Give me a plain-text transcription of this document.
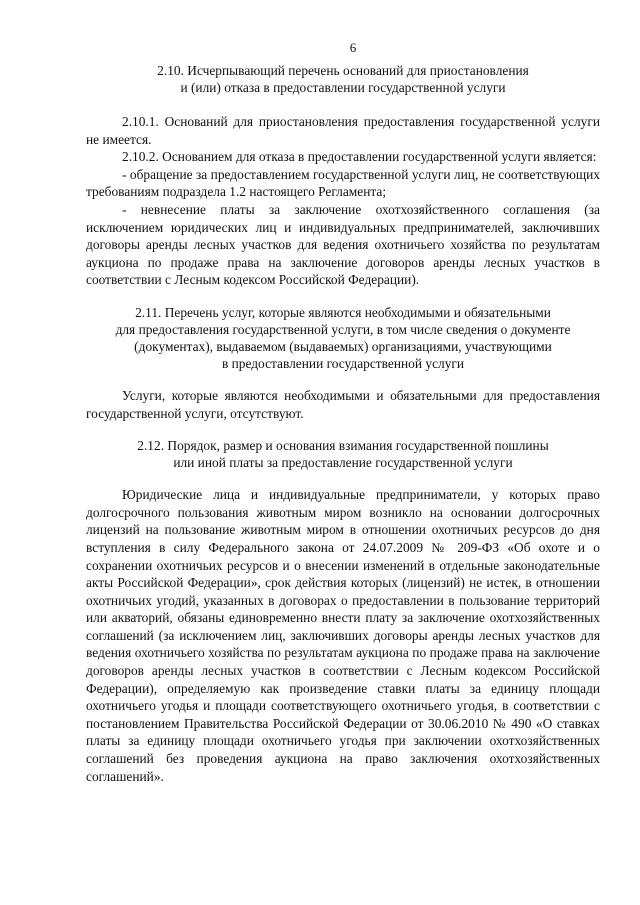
6
2.10. Исчерпывающий перечень оснований для приостановления
и (или) отказа в предоставлении государственной услуги

2.10.1. Оснований для приостановления предоставления государственной услуги не имеется.

2.10.2. Основанием для отказа в предоставлении государственной услуги является:

- обращение за предоставлением государственной услуги лиц, не соответствующих требованиям подраздела 1.2 настоящего Регламента;

- невнесение платы за заключение охотхозяйственного соглашения (за исключением юридических лиц и индивидуальных предпринимателей, заключивших договоры аренды лесных участков для ведения охотничьего хозяйства по результатам аукциона по продаже права на заключение договоров аренды лесных участков в соответствии с Лесным кодексом Российской Федерации).

2.11. Перечень услуг, которые являются необходимыми и обязательными
для предоставления государственной услуги, в том числе сведения о документе
(документах), выдаваемом (выдаваемых) организациями, участвующими
в предоставлении государственной услуги

Услуги, которые являются необходимыми и обязательными для предоставления государственной услуги, отсутствуют.

2.12. Порядок, размер и основания взимания государственной пошлины
или иной платы за предоставление государственной услуги

Юридические лица и индивидуальные предприниматели, у которых право долгосрочного пользования животным миром возникло на основании долгосрочных лицензий на пользование животным миром в отношении охотничьих ресурсов до дня вступления в силу Федерального закона от 24.07.2009 № 209-ФЗ «Об охоте и о сохранении охотничьих ресурсов и о внесении изменений в отдельные законодательные акты Российской Федерации», срок действия которых (лицензий) не истек, в отношении охотничьих угодий, указанных в договорах о предоставлении в пользование территорий или акваторий, обязаны единовременно внести плату за заключение охотхозяйственных соглашений (за исключением лиц, заключивших договоры аренды лесных участков для ведения охотничьего хозяйства по результатам аукциона по продаже права на заключение договоров аренды лесных участков в соответствии с Лесным кодексом Российской Федерации), определяемую как произведение ставки платы за единицу площади охотничьего угодья и площади соответствующего охотничьего угодья, в соответствии с постановлением Правительства Российской Федерации от 30.06.2010 № 490 «О ставках платы за единицу площади охотничьего угодья при заключении охотхозяйственных соглашений без проведения аукциона на право заключения охотхозяйственных соглашений».
